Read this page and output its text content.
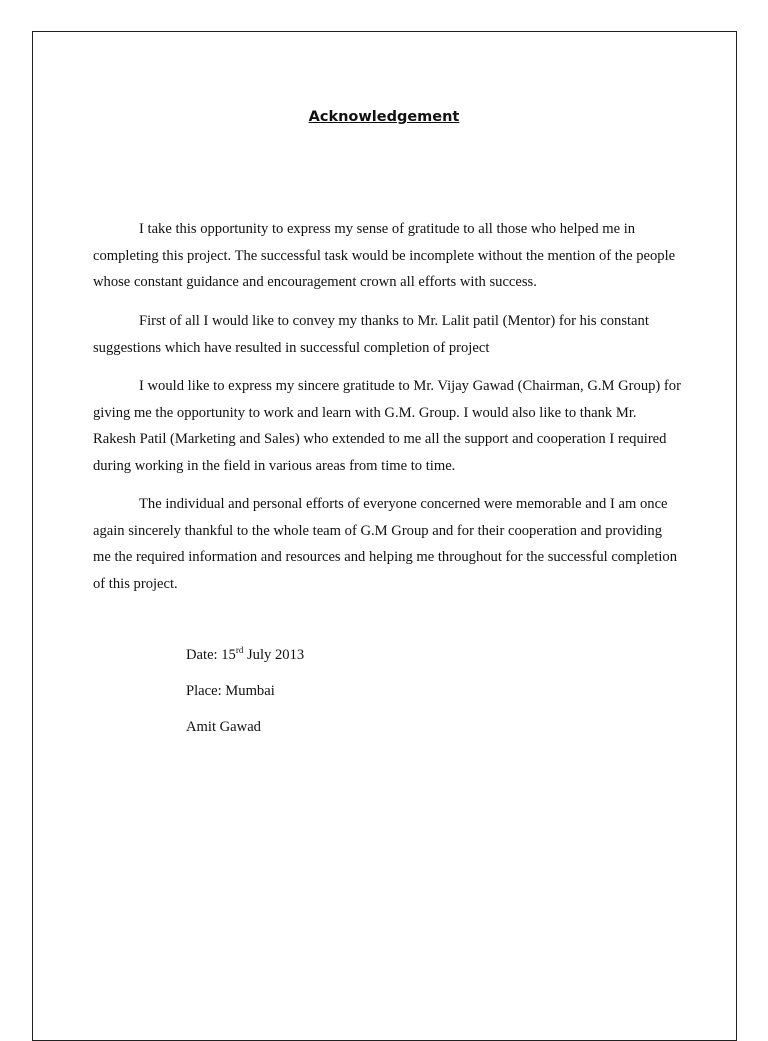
Acknowledgement

I take this opportunity to express my sense of gratitude to all those who helped me in completing this project. The successful task would be incomplete without the mention of the people whose constant guidance and encouragement crown all efforts with success.

First of all I would like to convey my thanks to Mr. Lalit patil (Mentor) for his constant suggestions which have resulted in successful completion of project

I would like to express my sincere gratitude to Mr. Vijay Gawad (Chairman, G.M Group) for giving me the opportunity to work and learn with G.M. Group. I would also like to thank Mr. Rakesh Patil (Marketing and Sales) who extended to me all the support and cooperation I required during working in the field in various areas from time to time.

The individual and personal efforts of everyone concerned were memorable and I am once again sincerely thankful to the whole team of G.M Group and for their cooperation and providing me the required information and resources and helping me throughout for the successful completion of this project.

Date: 15rd July 2013
Place: Mumbai
Amit Gawad
